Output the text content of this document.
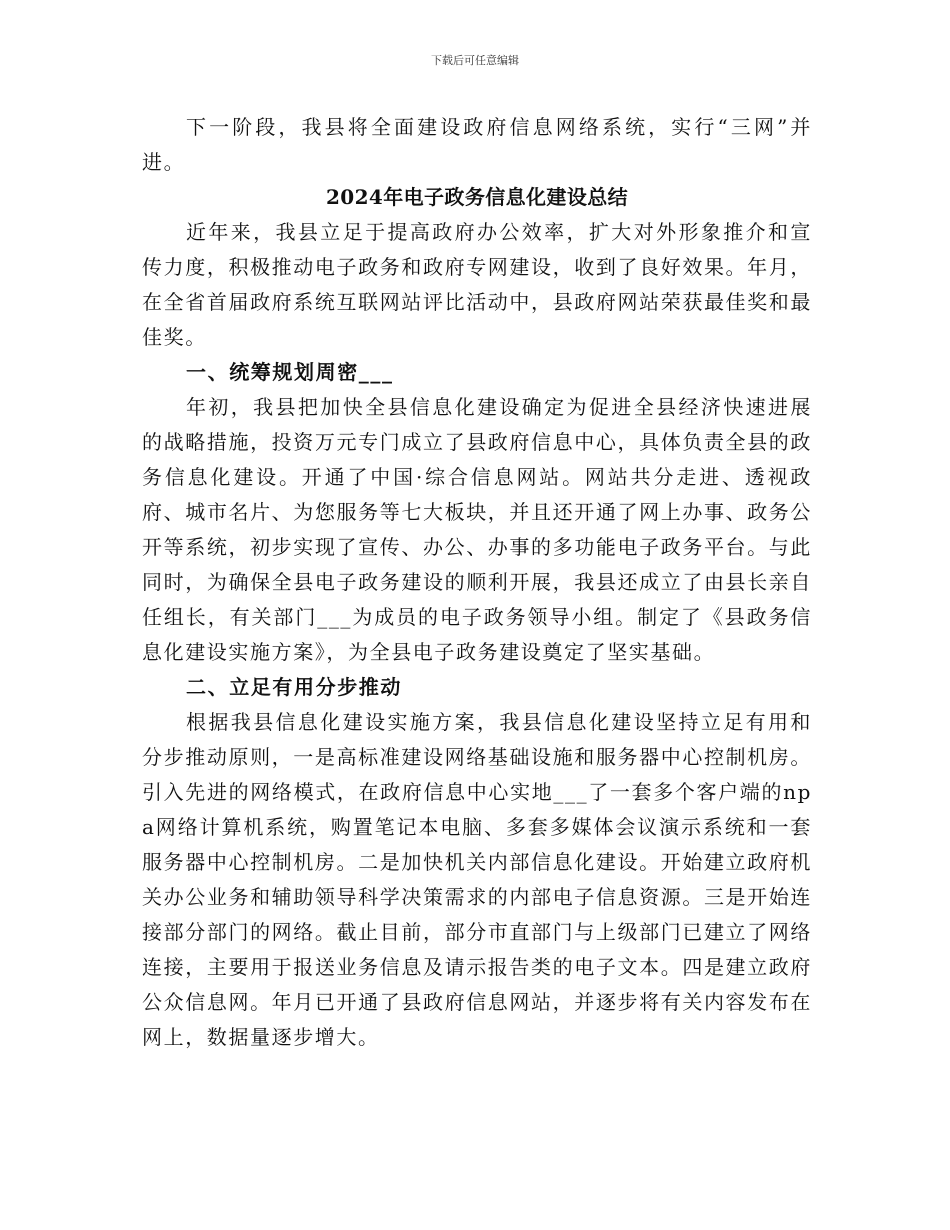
下载后可任意编辑

下一阶段，我县将全面建设政府信息网络系统，实行“三网”并进。

2024年电子政务信息化建设总结

近年来，我县立足于提高政府办公效率，扩大对外形象推介和宣传力度，积极推动电子政务和政府专网建设，收到了良好效果。年月，在全省首届政府系统互联网站评比活动中，县政府网站荣获最佳奖和最佳奖。

一、统筹规划周密___

年初，我县把加快全县信息化建设确定为促进全县经济快速进展的战略措施，投资万元专门成立了县政府信息中心，具体负责全县的政务信息化建设。开通了中国·综合信息网站。网站共分走进、透视政府、城市名片、为您服务等七大板块，并且还开通了网上办事、政务公开等系统，初步实现了宣传、办公、办事的多功能电子政务平台。与此同时，为确保全县电子政务建设的顺利开展，我县还成立了由县长亲自任组长，有关部门___为成员的电子政务领导小组。制定了《县政务信息化建设实施方案》，为全县电子政务建设奠定了坚实基础。

二、立足有用分步推动

根据我县信息化建设实施方案，我县信息化建设坚持立足有用和分步推动原则，一是高标准建设网络基础设施和服务器中心控制机房。引入先进的网络模式，在政府信息中心实地___了一套多个客户端的npa网络计算机系统，购置笔记本电脑、多套多媒体会议演示系统和一套服务器中心控制机房。二是加快机关内部信息化建设。开始建立政府机关办公业务和辅助领导科学决策需求的内部电子信息资源。三是开始连接部分部门的网络。截止目前，部分市直部门与上级部门已建立了网络连接，主要用于报送业务信息及请示报告类的电子文本。四是建立政府公众信息网。年月已开通了县政府信息网站，并逐步将有关内容发布在网上，数据量逐步增大。
